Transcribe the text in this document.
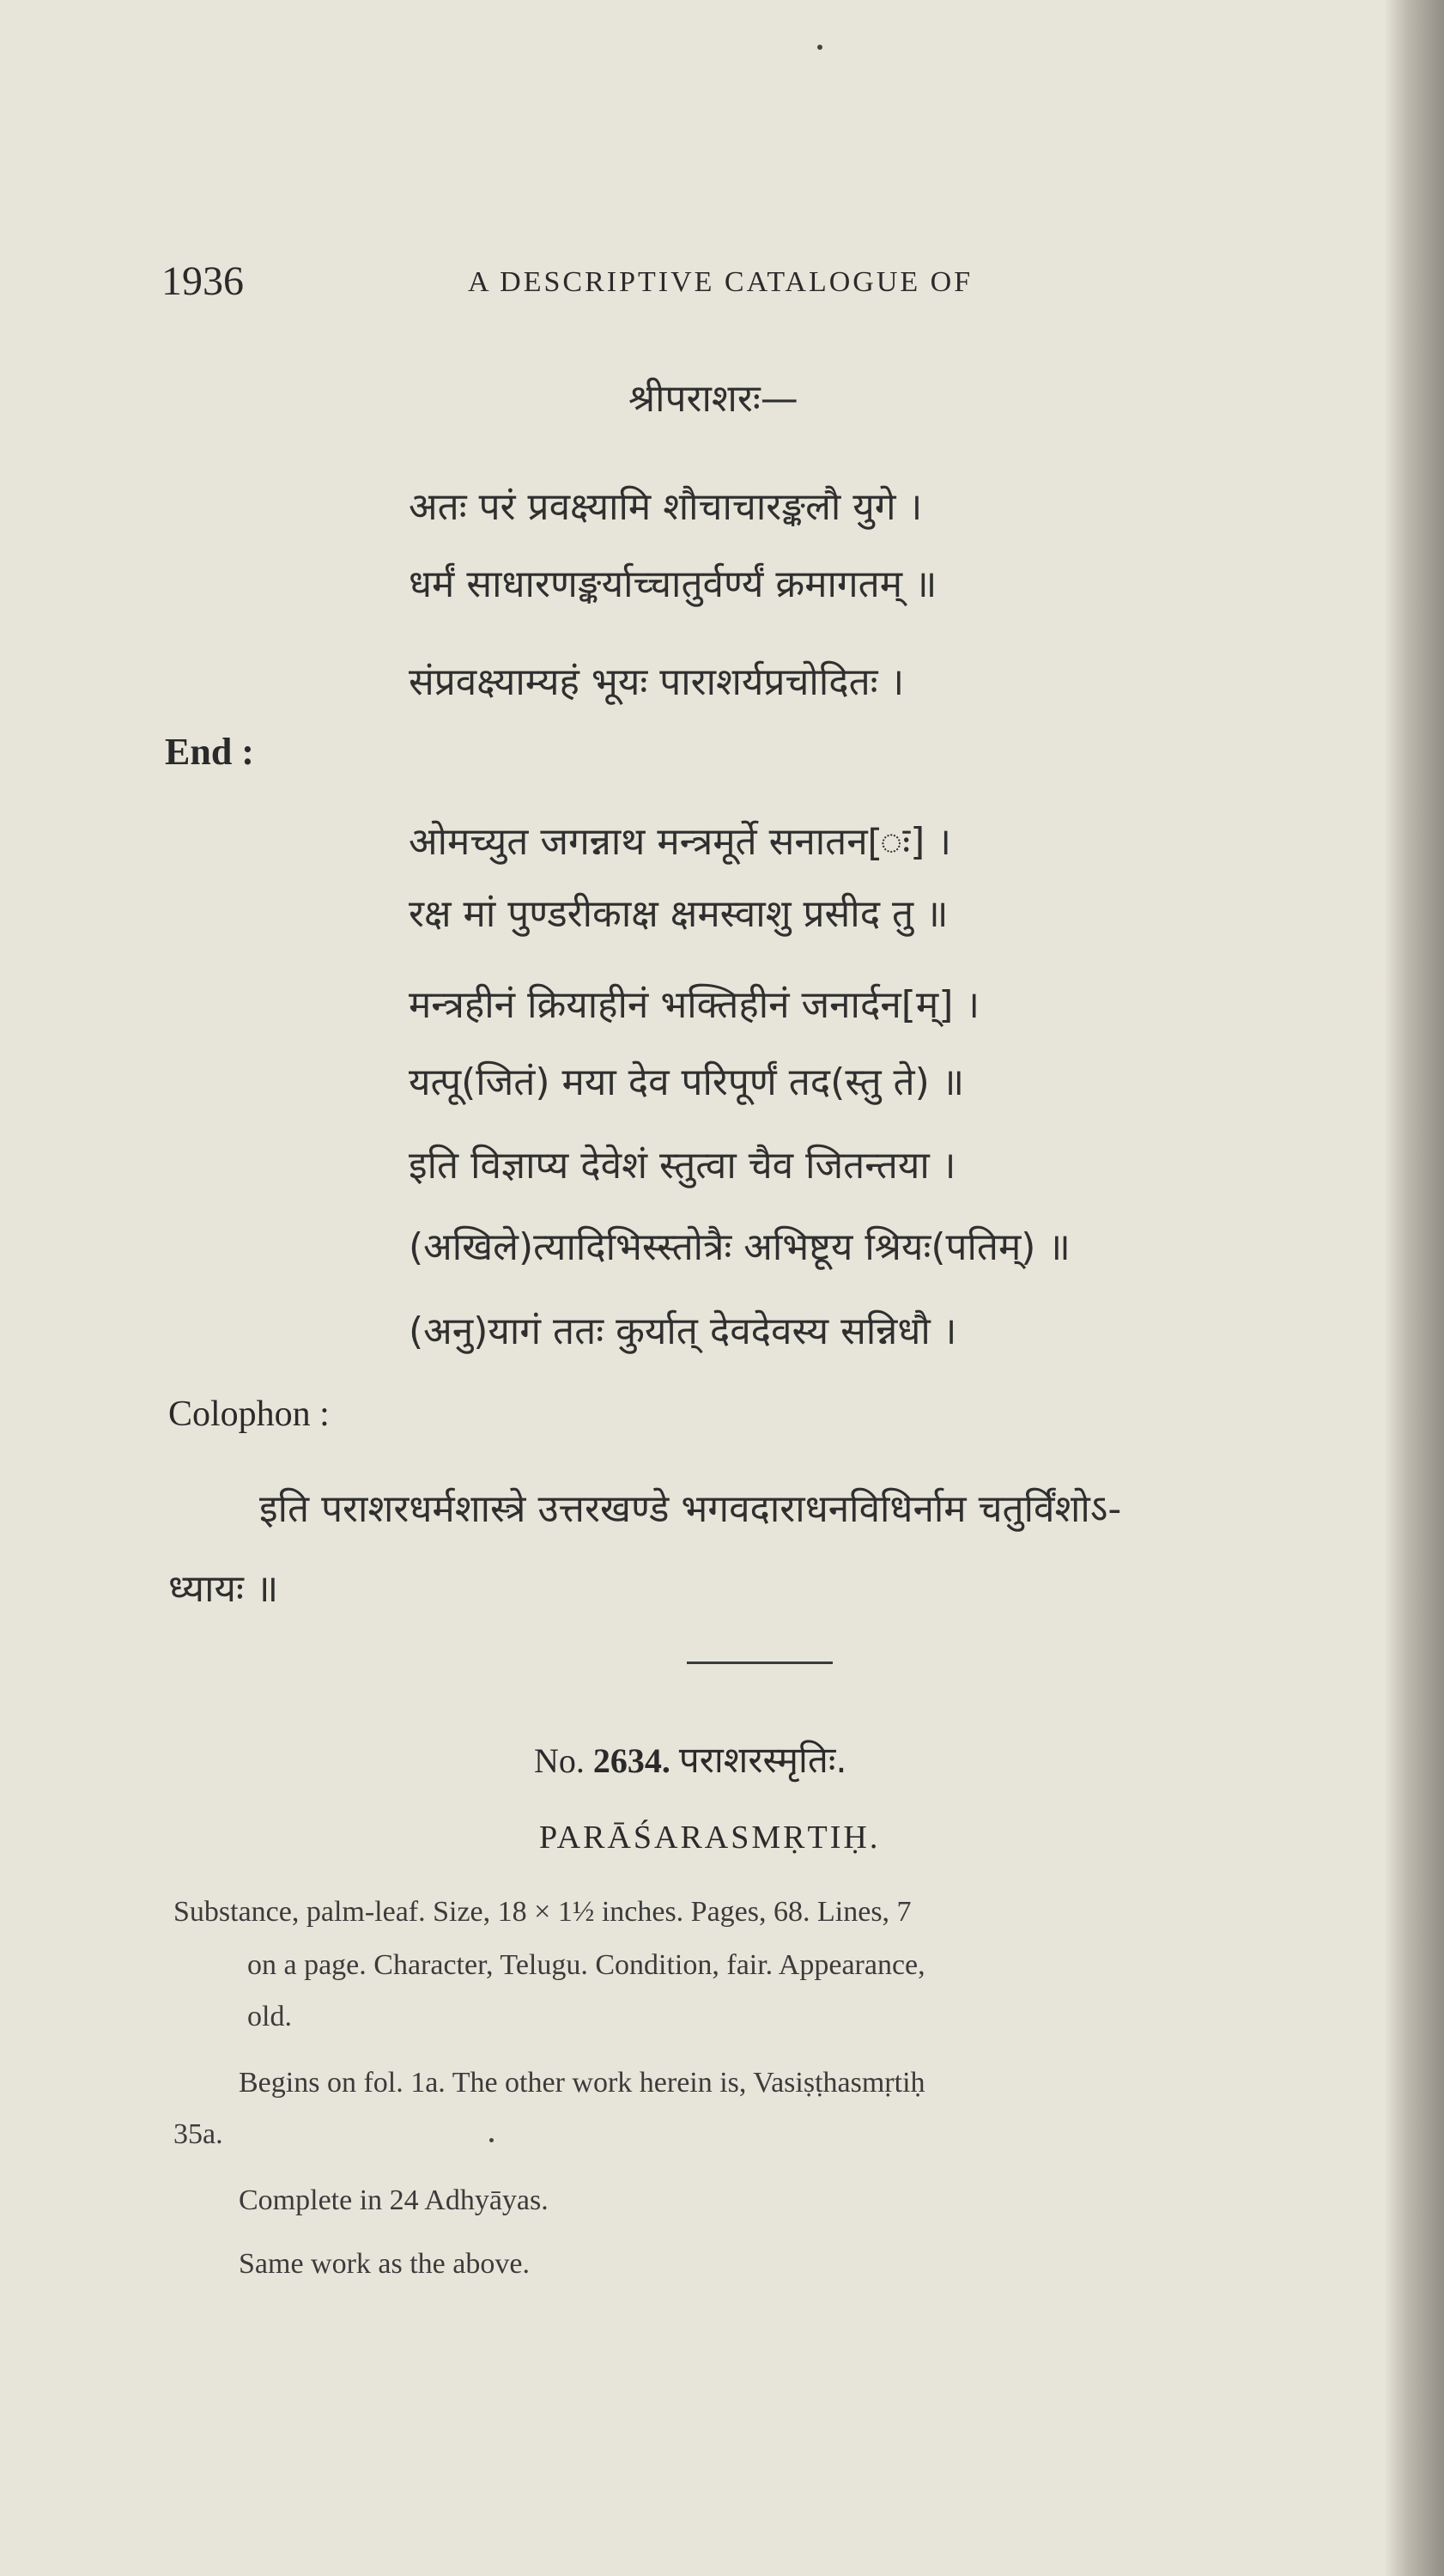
1936	A DESCRIPTIVE CATALOGUE OF
श्रीपराशरः—
अतः परं प्रवक्ष्यामि शौचाचारङ्कलौ युगे ।
धर्मं साधारणङ्कर्याच्चातुर्वर्ण्यं क्रमागतम् ॥
संप्रवक्ष्याम्यहं भूयः पाराशर्यप्रचोदितः ।
End :
ओमच्युत जगन्नाथ मन्त्रमूर्ते सनातन[ः] ।
रक्ष मां पुण्डरीकाक्ष क्षमस्वाशु प्रसीद तु ॥
मन्त्रहीनं क्रियाहीनं भक्तिहीनं जनार्दन[म्] ।
यत्पू(जितं) मया देव परिपूर्णं तद(स्तु ते) ॥
इति विज्ञाप्य देवेशं स्तुत्वा चैव जितन्तया ।
(अखिले)त्यादिभिस्स्तोत्रैः अभिष्टूय श्रियः(पतिम्) ॥
(अनु)यागं ततः कुर्यात् देवदेवस्य सन्निधौ ।
Colophon :
इति पराशरधर्मशास्त्रे उत्तरखण्डे भगवदाराधनविधिर्नाम चतुर्विंशोऽ-
ध्यायः ॥
No. 2634. पराशरस्मृतिः.
PARĀŚARASMṚTIḤ.
Substance, palm-leaf. Size, 18 × 1½ inches. Pages, 68. Lines, 7
on a page. Character, Telugu. Condition, fair. Appearance,
old.
Begins on fol. 1a. The other work herein is, Vasiṣṭhasmṛtiḥ
35a.
Complete in 24 Adhyāyas.
Same work as the above.
